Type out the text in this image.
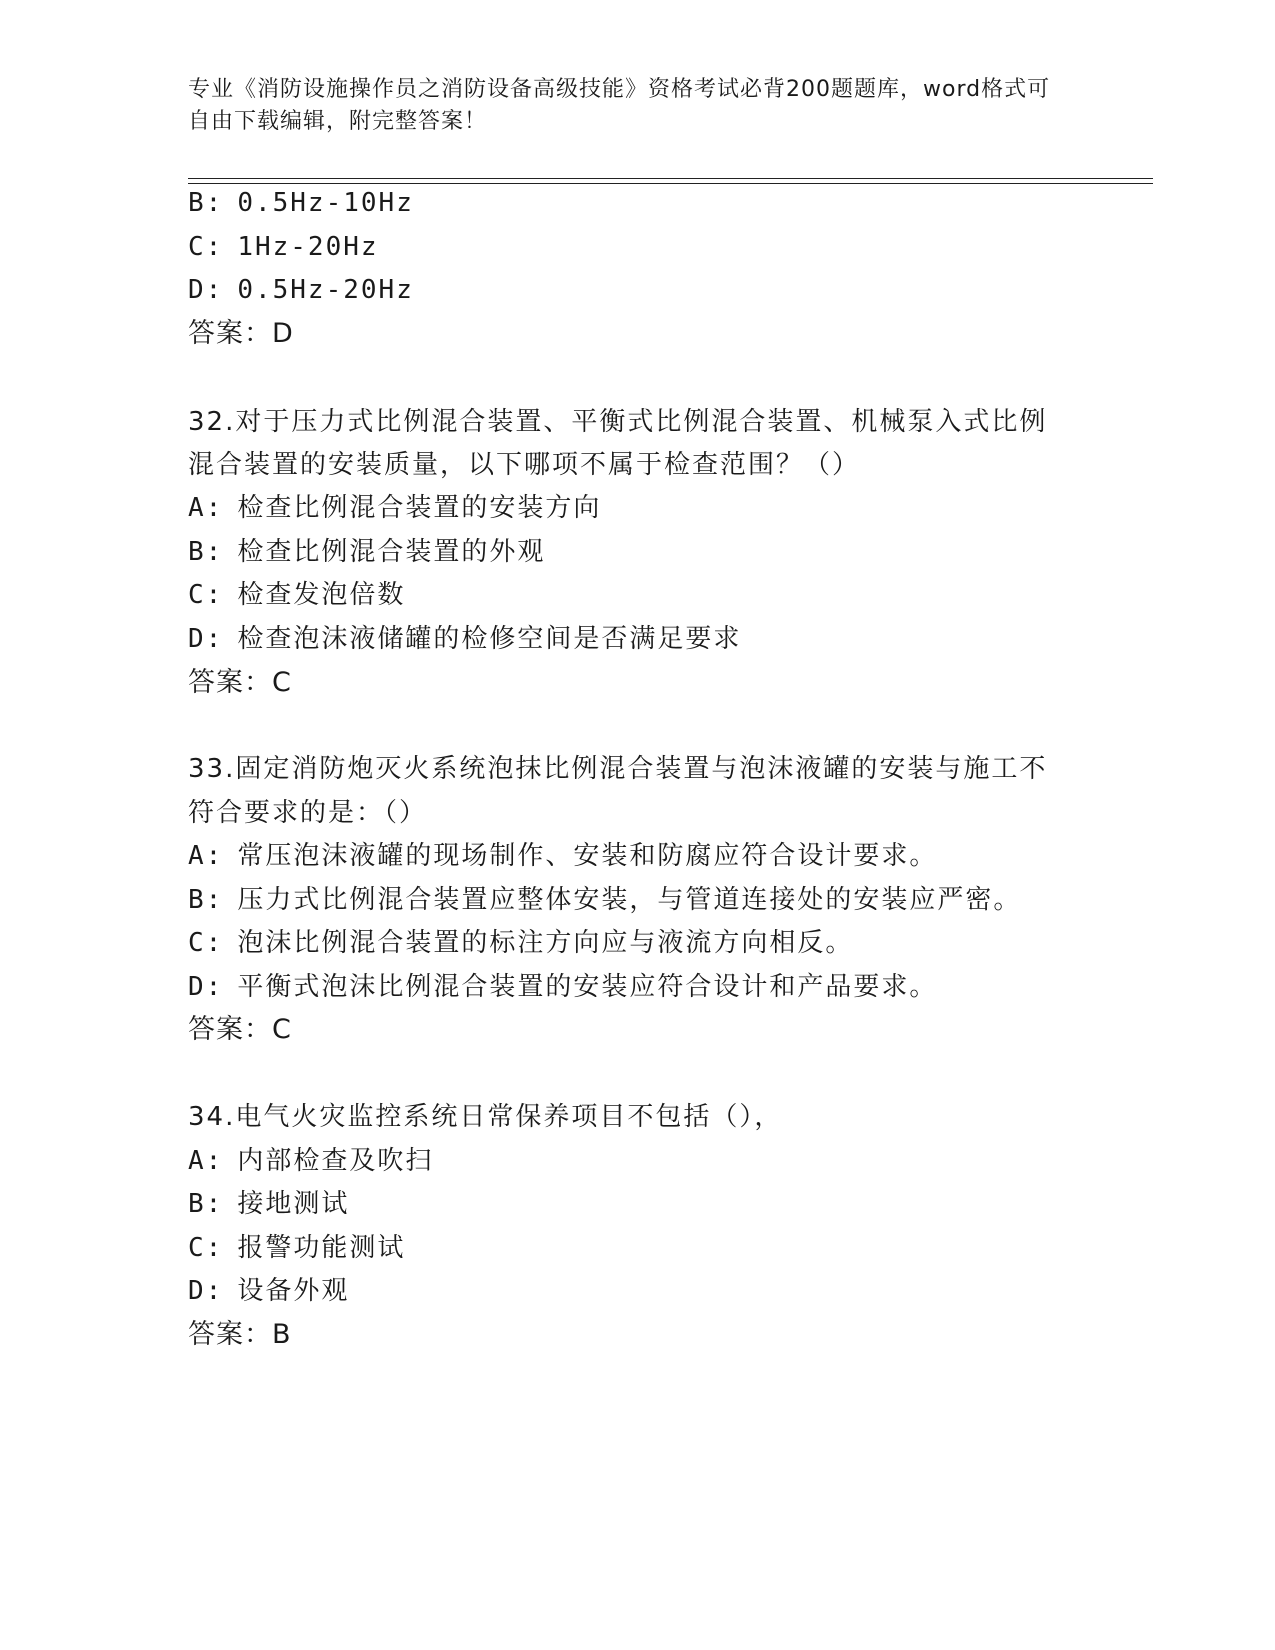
专业《消防设施操作员之消防设备高级技能》资格考试必背200题题库，word格式可自由下载编辑，附完整答案！
B: 0.5Hz-10Hz
C: 1Hz-20Hz
D: 0.5Hz-20Hz
答案：D
32.对于压力式比例混合装置、平衡式比例混合装置、机械泵入式比例
混合装置的安装质量，以下哪项不属于检查范围？（）
A: 检查比例混合装置的安装方向
B: 检查比例混合装置的外观
C: 检查发泡倍数
D: 检查泡沫液储罐的检修空间是否满足要求
答案：C
33.固定消防炮灭火系统泡抹比例混合装置与泡沫液罐的安装与施工不
符合要求的是：（）
A: 常压泡沫液罐的现场制作、安装和防腐应符合设计要求。
B: 压力式比例混合装置应整体安装，与管道连接处的安装应严密。
C: 泡沫比例混合装置的标注方向应与液流方向相反。
D: 平衡式泡沫比例混合装置的安装应符合设计和产品要求。
答案：C
34.电气火灾监控系统日常保养项目不包括（），
A: 内部检查及吹扫
B: 接地测试
C: 报警功能测试
D: 设备外观
答案：B
